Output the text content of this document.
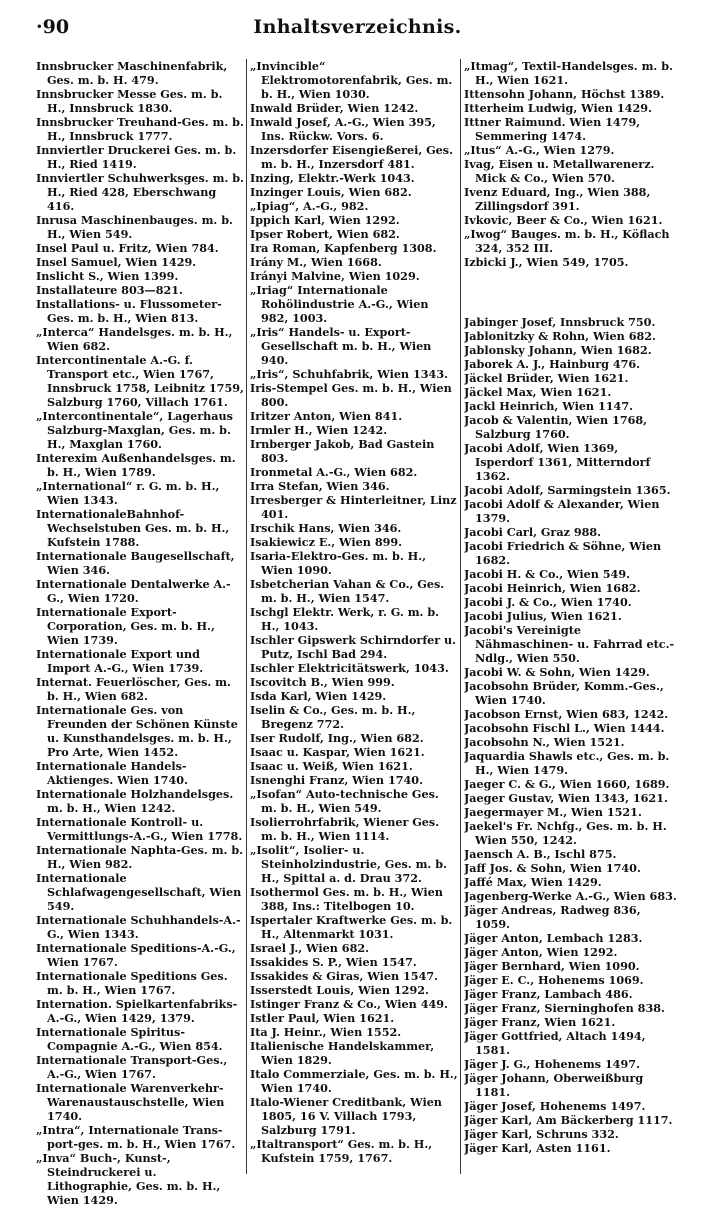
·90	Inhaltsverzeichnis.

Innsbrucker Maschinenfabrik, Ges. m. b. H. 479.

Innsbrucker Messe Ges. m. b. H., Innsbruck 1830.

Innsbrucker Treuhand-Ges. m. b. H., Innsbruck 1777.

Innviertler Druckerei Ges. m. b. H., Ried 1419.

Innviertler Schuhwerksges. m. b. H., Ried 428, Eberschwang 416.

Inrusa Maschinenbauges. m. b. H., Wien 549.

Insel Paul u. Fritz, Wien 784.

Insel Samuel, Wien 1429.

Inslicht S., Wien 1399.

Installateure 803—821.

Installations- u. Flussometer-Ges. m. b. H., Wien 813.

„Interca“ Handelsges. m. b. H., Wien 682.

Intercontinentale A.-G. f. Transport etc., Wien 1767, Innsbruck 1758, Leibnitz 1759, Salzburg 1760, Villach 1761.

„Intercontinentale“, Lagerhaus Salzburg-Maxglan, Ges. m. b. H., Maxglan 1760.

Interexim Außenhandelsges. m. b. H., Wien 1789.

„International“ r. G. m. b. H., Wien 1343.

InternationaleBahnhof-Wechselstuben Ges. m. b. H., Kufstein 1788.

Internationale Baugesellschaft, Wien 346.

Internationale Dentalwerke A.-G., Wien 1720.

Internationale Export-Corporation, Ges. m. b. H., Wien 1739.

Internationale Export und Import A.-G., Wien 1739.

Internat. Feuerlöscher, Ges. m. b. H., Wien 682.

Internationale Ges. von Freunden der Schönen Künste u. Kunsthandelsges. m. b. H., Pro Arte, Wien 1452.

Internationale Handels-Aktienges. Wien 1740.

Internationale Holzhandelsges. m. b. H., Wien 1242.

Internationale Kontroll- u. Vermittlungs-A.-G., Wien 1778.

Internationale Naphta-Ges. m. b. H., Wien 982.

Internationale Schlafwagengesellschaft, Wien 549.

Internationale Schuhhandels-A.-G., Wien 1343.

Internationale Speditions-A.-G., Wien 1767.

Internationale Speditions Ges. m. b. H., Wien 1767.

Internation. Spielkartenfabriks-A.-G., Wien 1429, 1379.

Internationale Spiritus-Compagnie A.-G., Wien 854.

Internationale Transport-Ges., A.-G., Wien 1767.

Internationale Warenverkehr-Warenaustauschstelle, Wien 1740.

„Intra“, Internationale Trans-port-ges. m. b. H., Wien 1767.

„Inva“ Buch-, Kunst-, Steindruckerei u. Lithographie, Ges. m. b. H., Wien 1429.

„Invincible“ Elektromotorenfabrik, Ges. m. b. H., Wien 1030.

Inwald Brüder, Wien 1242.

Inwald Josef, A.-G., Wien 395, Ins. Rückw. Vors. 6.

Inzersdorfer Eisengießerei, Ges. m. b. H., Inzersdorf 481.

Inzing, Elektr.-Werk 1043.

Inzinger Louis, Wien 682.

„Ipiag“, A.-G., 982.

Ippich Karl, Wien 1292.

Ipser Robert, Wien 682.

Ira Roman, Kapfenberg 1308.

Irány M., Wien 1668.

Irányi Malvine, Wien 1029.

„Iriag“ Internationale Rohölindustrie A.-G., Wien 982, 1003.

„Iris“ Handels- u. Export-Gesellschaft m. b. H., Wien 940.

„Iris“, Schuhfabrik, Wien 1343.

Iris-Stempel Ges. m. b. H., Wien 800.

Iritzer Anton, Wien 841.

Irmler H., Wien 1242.

Irnberger Jakob, Bad Gastein 803.

Ironmetal A.-G., Wien 682.

Irra Stefan, Wien 346.

Irresberger & Hinterleitner, Linz 401.

Irschik Hans, Wien 346.

Isakiewicz E., Wien 899.

Isaria-Elektro-Ges. m. b. H., Wien 1090.

Isbetcherian Vahan & Co., Ges. m. b. H., Wien 1547.

Ischgl Elektr. Werk, r. G. m. b. H., 1043.

Ischler Gipswerk Schirndorfer u. Putz, Ischl Bad 294.

Ischler Elektricitätswerk, 1043.

Iscovitch B., Wien 999.

Isda Karl, Wien 1429.

Iselin & Co., Ges. m. b. H., Bregenz 772.

Iser Rudolf, Ing., Wien 682.

Isaac u. Kaspar, Wien 1621.

Isaac u. Weiß, Wien 1621.

Isnenghi Franz, Wien 1740.

„Isofan“ Auto-technische Ges. m. b. H., Wien 549.

Isolierrohrfabrik, Wiener Ges. m. b. H., Wien 1114.

„Isolit“, Isolier- u. Steinholzindustrie, Ges. m. b. H., Spittal a. d. Drau 372.

Isothermol Ges. m. b. H., Wien 388, Ins.: Titelbogen 10.

Ispertaler Kraftwerke Ges. m. b. H., Altenmarkt 1031.

Israel J., Wien 682.

Issakides S. P., Wien 1547.

Issakides & Giras, Wien 1547.

Isserstedt Louis, Wien 1292.

Istinger Franz & Co., Wien 449.

Istler Paul, Wien 1621.

Ita J. Heinr., Wien 1552.

Italienische Handelskammer, Wien 1829.

Italo Commerziale, Ges. m. b. H., Wien 1740.

Italo-Wiener Creditbank, Wien 1805, 16 V. Villach 1793, Salzburg 1791.

„Italtransport“ Ges. m. b. H., Kufstein 1759, 1767.

„Itmag“, Textil-Handelsges. m. b. H., Wien 1621.

Ittensohn Johann, Höchst 1389.

Itterheim Ludwig, Wien 1429.

Ittner Raimund. Wien 1479, Semmering 1474.

„Itus“ A.-G., Wien 1279.

Ivag, Eisen u. Metallwarenerz. Mick & Co., Wien 570.

Ivenz Eduard, Ing., Wien 388, Zillingsdorf 391.

Ivkovic, Beer & Co., Wien 1621.

„Iwog“ Bauges. m. b. H., Köflach 324, 352 III.

Izbicki J., Wien 549, 1705.

Jabinger Josef, Innsbruck 750.

Jablonitzky & Rohn, Wien 682.

Jablonsky Johann, Wien 1682.

Jaborek A. J., Hainburg 476.

Jäckel Brüder, Wien 1621.

Jäckel Max, Wien 1621.

Jackl Heinrich, Wien 1147.

Jacob & Valentin, Wien 1768, Salzburg 1760.

Jacobi Adolf, Wien 1369, Isperdorf 1361, Mitterndorf 1362.

Jacobi Adolf, Sarmingstein 1365.

Jacobi Adolf & Alexander, Wien 1379.

Jacobi Carl, Graz 988.

Jacobi Friedrich & Söhne, Wien 1682.

Jacobi H. & Co., Wien 549.

Jacobi Heinrich, Wien 1682.

Jacobi J. & Co., Wien 1740.

Jacobi Julius, Wien 1621.

Jacobi's Vereinigte Nähmaschinen- u. Fahrrad etc.-Ndlg., Wien 550.

Jacobi W. & Sohn, Wien 1429.

Jacobsohn Brüder, Komm.-Ges., Wien 1740.

Jacobson Ernst, Wien 683, 1242.

Jacobsohn Fischl L., Wien 1444.

Jacobsohn N., Wien 1521.

Jaquardia Shawls etc., Ges. m. b. H., Wien 1479.

Jaeger C. & G., Wien 1660, 1689.

Jaeger Gustav, Wien 1343, 1621.

Jaegermayer M., Wien 1521.

Jaekel's Fr. Nchfg., Ges. m. b. H. Wien 550, 1242.

Jaensch A. B., Ischl 875.

Jaff Jos. & Sohn, Wien 1740.

Jaffé Max, Wien 1429.

Jagenberg-Werke A.-G., Wien 683.

Jäger Andreas, Radweg 836, 1059.

Jäger Anton, Lembach 1283.

Jäger Anton, Wien 1292.

Jäger Bernhard, Wien 1090.

Jäger E. C., Hohenems 1069.

Jäger Franz, Lambach 486.

Jäger Franz, Sierninghofen 838.

Jäger Franz, Wien 1621.

Jäger Gottfried, Altach 1494, 1581.

Jäger J. G., Hohenems 1497.

Jäger Johann, Oberweißburg 1181.

Jäger Josef, Hohenems 1497.

Jäger Karl, Am Bäckerberg 1117.

Jäger Karl, Schruns 332.

Jäger Karl, Asten 1161.
